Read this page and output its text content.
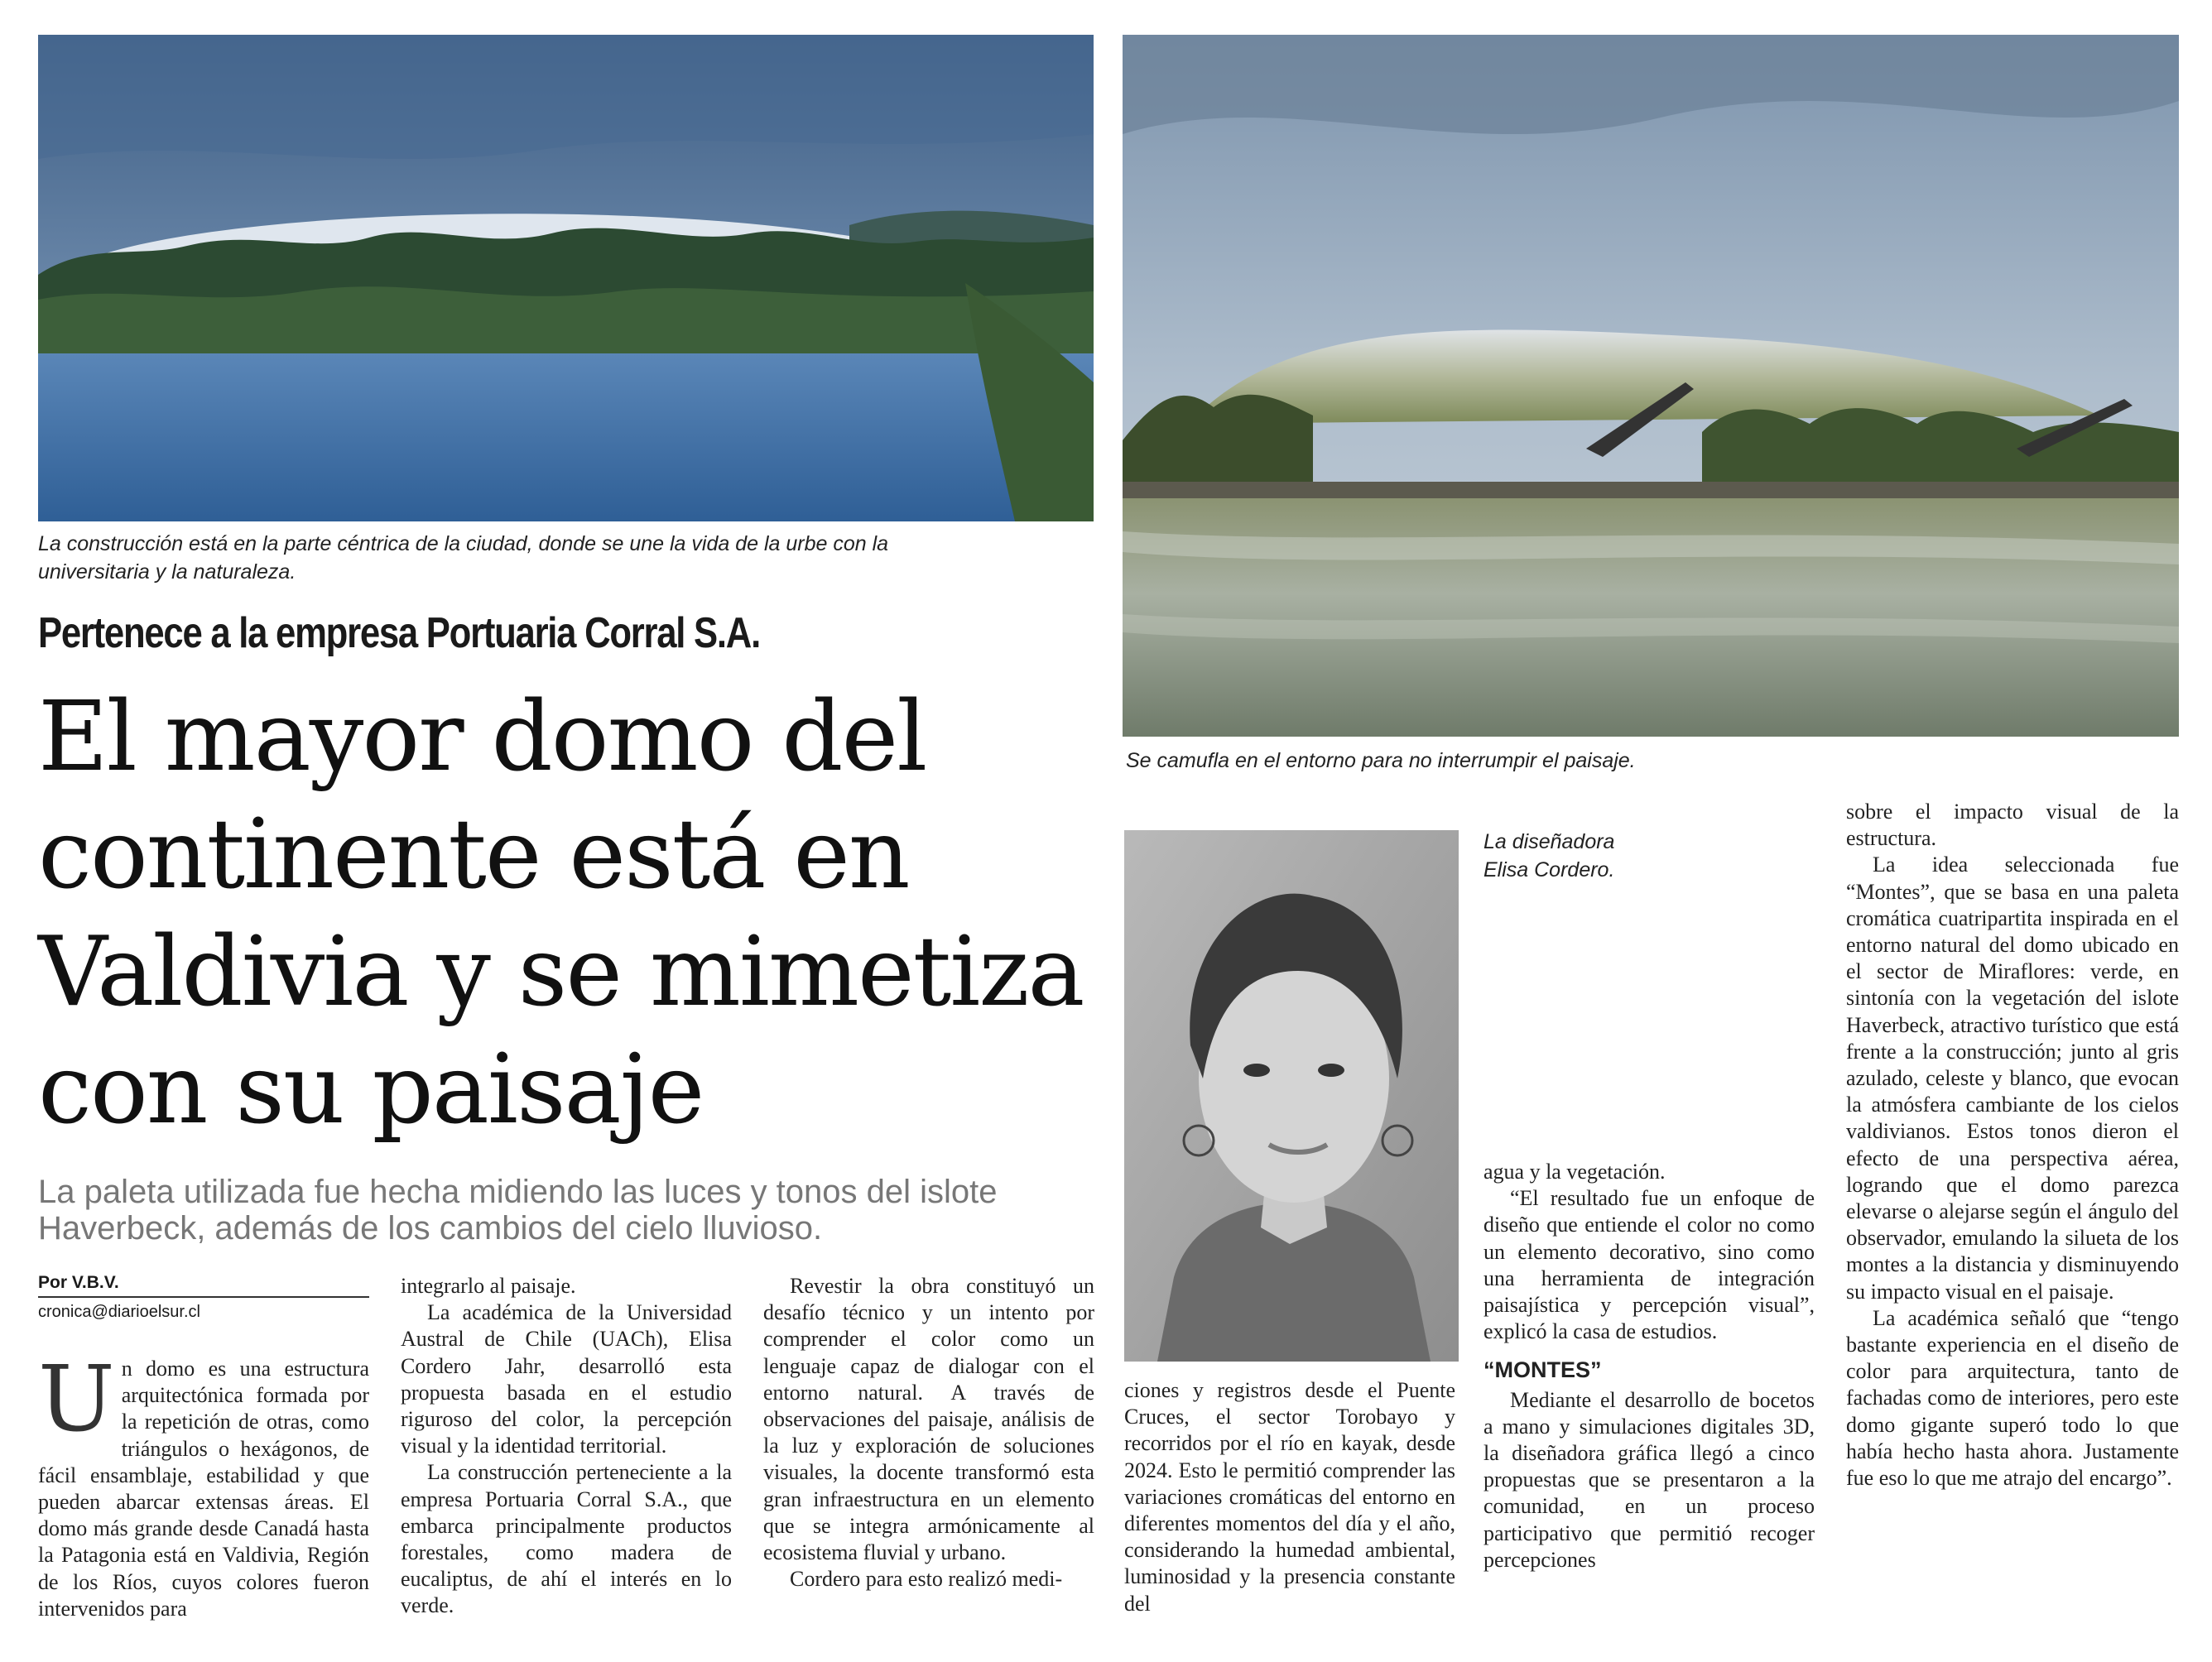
La construcción está en la parte céntrica de la ciudad, donde se une la vida de la urbe con la universitaria y la naturaleza.
Se camufla en el entorno para no interrumpir el paisaje.
La diseñadora
Elisa Cordero.
Pertenece a la empresa Portuaria Corral S.A.
El mayor domo del
continente está en
Valdivia y se mimetiza
con su paisaje
La paleta utilizada fue hecha midiendo las luces y tonos del islote Haverbeck, además de los cambios del cielo lluvioso.
Por V.B.V.
cronica@diarioelsur.cl

Un domo es una estructura arquitectónica formada por la repetición de otras, como triángulos o hexágonos, de fácil ensamblaje, estabilidad y que pueden abarcar extensas áreas. El domo más grande desde Canadá hasta la Patagonia está en Valdivia, Región de los Ríos, cuyos colores fueron intervenidos para

integrarlo al paisaje.

La académica de la Universidad Austral de Chile (UACh), Elisa Cordero Jahr, desarrolló esta propuesta basada en el estudio riguroso del color, la percepción visual y la identidad territorial.

La construcción perteneciente a la empresa Portuaria Corral S.A., que embarca principalmente productos forestales, como madera de eucaliptus, de ahí el interés en lo verde.

Revestir la obra constituyó un desafío técnico y un intento por comprender el color como un lenguaje capaz de dialogar con el entorno natural. A través de observaciones del paisaje, análisis de la luz y exploración de soluciones visuales, la docente transformó esta gran infraestructura en un elemento que se integra armónicamente al ecosistema fluvial y urbano.

Cordero para esto realizó medi-

ciones y registros desde el Puente Cruces, el sector Torobayo y recorridos por el río en kayak, desde 2024. Esto le permitió comprender las variaciones cromáticas del entorno en diferentes momentos del día y el año, considerando la humedad ambiental, luminosidad y la presencia constante del

agua y la vegetación.

“El resultado fue un enfoque de diseño que entiende el color no como un elemento decorativo, sino como una herramienta de integración paisajística y percepción visual”, explicó la casa de estudios.

“MONTES”

Mediante el desarrollo de bocetos a mano y simulaciones digitales 3D, la diseñadora gráfica llegó a cinco propuestas que se presentaron a la comunidad, en un proceso participativo que permitió recoger percepciones

sobre el impacto visual de la estructura.

La idea seleccionada fue “Montes”, que se basa en una paleta cromática cuatripartita inspirada en el entorno natural del domo ubicado en el sector de Miraflores: verde, en sintonía con la vegetación del islote Haverbeck, atractivo turístico que está frente a la construcción; junto al gris azulado, celeste y blanco, que evocan la atmósfera cambiante de los cielos valdivianos. Estos tonos dieron el efecto de una perspectiva aérea, logrando que el domo parezca elevarse o alejarse según el ángulo del observador, emulando la silueta de los montes a la distancia y disminuyendo su impacto visual en el paisaje.

La académica señaló que “tengo bastante experiencia en el diseño de color para arquitectura, tanto de fachadas como de interiores, pero este domo gigante superó todo lo que había hecho hasta ahora. Justamente fue eso lo que me atrajo del encargo”.
